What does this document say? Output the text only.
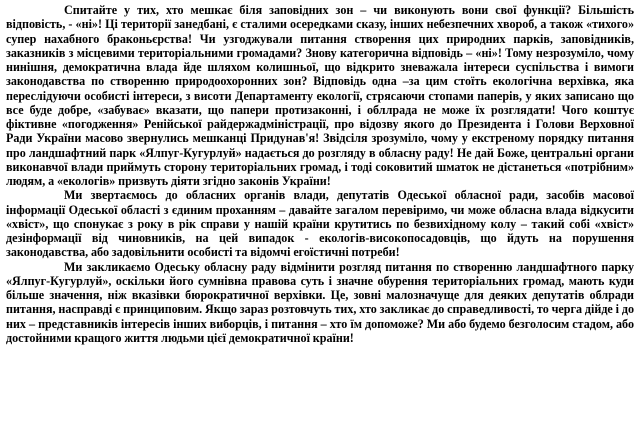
Спитайте у тих, хто мешкає біля заповідних зон – чи виконують вони свої функції? Більшість відповість, - «ні»! Ці території занедбані, є сталими осередками сказу, інших небезпечних хвороб, а також «тихого» супер нахабного браконьєрства! Чи узгоджували питання створення цих природних парків, заповідників, заказників з місцевими територіальними громадами? Знову категорична відповідь – «ні»! Тому незрозуміло, чому нинішня, демократична влада йде шляхом колишньої, що відкрито зневажала інтереси суспільства і вимоги законодавства по створенню природоохоронних зон? Відповідь одна –за цим стоїть екологічна верхівка, яка переслідуючи особисті інтереси, з висоти Департаменту екології, стрясаючи стопами паперів, у яких записано що все буде добре, «забуває» вказати, що папери протизаконні, і обллрада не може їх розглядати! Чого коштує фіктивне «погодження» Ренійської райдержадміністрації, про відозву якого до Президента і Голови Верховної Ради України масово звернулись мешканці Придунав'я! Звідсіля зрозуміло, чому у екстреному порядку питання про ландшафтний парк «Ялпуг-Кугурлуй» надається до розгляду в обласну раду! Не дай Боже, центральні органи виконавчої влади приймуть сторону територіальних громад, і тоді соковитий шматок не дістанеться «потрібним» людям, а «екологів» призвуть діяти згідно законів України!

Ми звертаємось до обласних органів влади, депутатів Одеської обласної ради, засобів масової інформації Одеської області з єдиним проханням – давайте загалом перевіримо, чи може обласна влада відкусити «хвіст», що спонукає з року в рік справи у нашій країни крутитись по безвихідному колу – такий собі «хвіст» дезінформації від чиновників, на цей випадок - екологів-високопосадовців, що йдуть на порушення законодавства, або задовільнити особисті та відомчі егоїстичні потреби!

Ми закликаємо Одеську обласну раду відмінити розгляд питання по створенню ландшафтного парку «Ялпуг-Кугурлуй», оскільки його сумнівна правова суть і значне обурення територіальних громад, мають куди більше значення, ніж вказівки бюрократичної верхівки. Це, зовні малозначуще для деяких депутатів облради питання, насправді є принциповим. Якщо зараз розтовчуть тих, хто закликає до справедливості, то черга дійде і до них – представників інтересів інших виборців, і питання – хто їм допоможе? Ми або будемо безголосим стадом, або достойними кращого життя людьми цієї демократичної країни!
